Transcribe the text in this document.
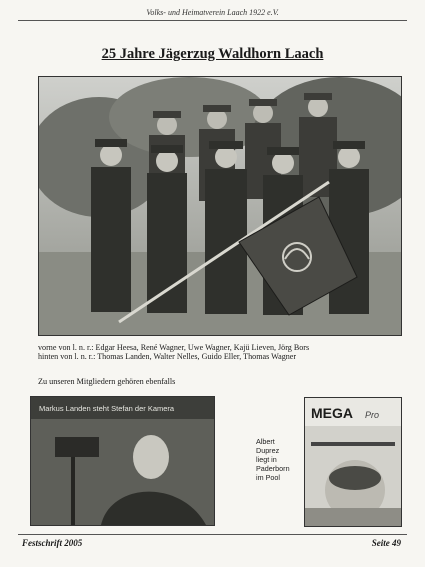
Volks- und Heimatverein Laach 1922 e.V.
25 Jahre Jägerzug Waldhorn Laach
vorne von l. n. r.: Edgar Heesa, René Wagner, Uwe Wagner, Kajü Lieven, Jörg Bors
hinten von l. n. r.: Thomas Landen, Walter Nelles, Guido Eller, Thomas Wagner
Zu unseren Mitgliedern gehören ebenfalls
Markus Landen steht Stefan der Kamera
Albert
Duprez
liegt in
Paderborn
im Pool
MEGA Pro
Festschrift 2005	Seite 49
